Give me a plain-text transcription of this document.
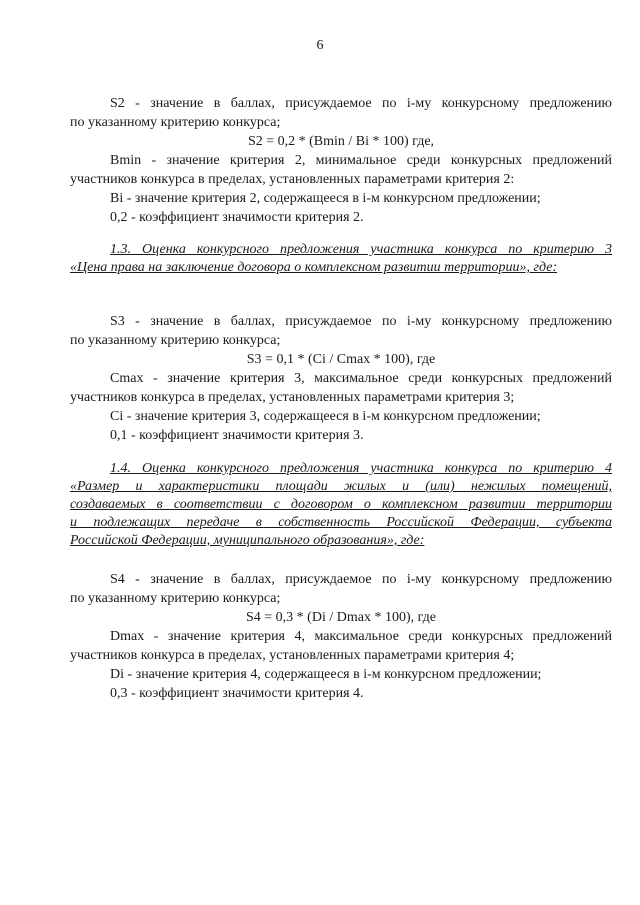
6
S2 - значение в баллах, присуждаемое по i-му конкурсному предложению
по указанному критерию конкурса;
S2 = 0,2 * (Bmin / Bi * 100) где,
Bmin - значение критерия 2, минимальное среди конкурсных предложений
участников конкурса в пределах, установленных параметрами критерия 2:
Bi - значение критерия 2, содержащееся в i-м конкурсном предложении;
0,2 - коэффициент значимости критерия 2.
1.3. Оценка конкурсного предложения участника конкурса по критерию 3
«Цена права на заключение договора о комплексном развитии территории», где:
S3 - значение в баллах, присуждаемое по i-му конкурсному предложению
по указанному критерию конкурса;
S3 = 0,1 * (Ci / Cmax * 100), где
Cmax - значение критерия 3, максимальное среди конкурсных предложений
участников конкурса в пределах, установленных параметрами критерия 3;
Ci - значение критерия 3, содержащееся в i-м конкурсном предложении;
0,1 - коэффициент значимости критерия 3.
1.4. Оценка конкурсного предложения участника конкурса по критерию 4
«Размер и характеристики площади жилых и (или) нежилых помещений,
создаваемых в соответствии с договором о комплексном развитии территории
и подлежащих передаче в собственность Российской Федерации, субъекта
Российской Федерации, муниципального образования», где:
S4 - значение в баллах, присуждаемое по i-му конкурсному предложению
по указанному критерию конкурса;
S4 = 0,3 * (Di / Dmax * 100), где
Dmax - значение критерия 4, максимальное среди конкурсных предложений
участников конкурса в пределах, установленных параметрами критерия 4;
Di - значение критерия 4, содержащееся в i-м конкурсном предложении;
0,3 - коэффициент значимости критерия 4.
